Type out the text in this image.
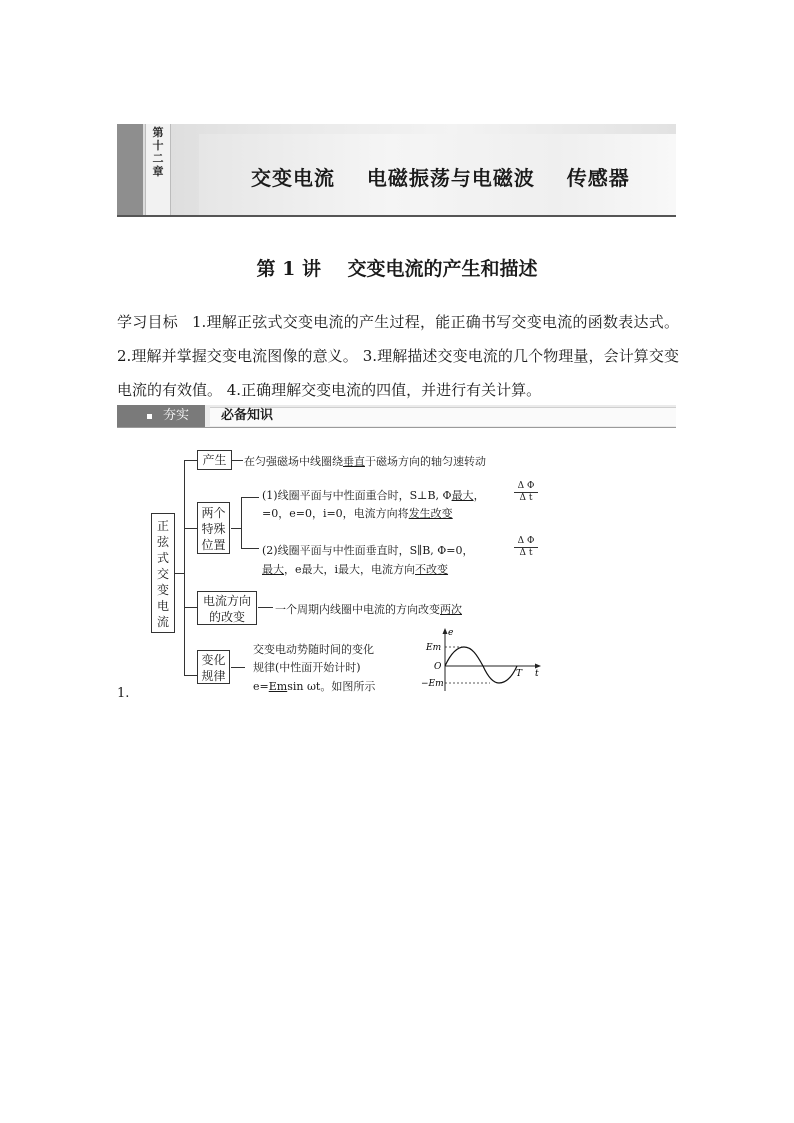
第十二章	交变电流    电磁振荡与电磁波    传感器
第 1 讲    交变电流的产生和描述
学习目标 1.理解正弦式交变电流的产生过程，能正确书写交变电流的函数表达式。 2.理解并掌握交变电流图像的意义。 3.理解描述交变电流的几个物理量，会计算交变电流的有效值。 4.正确理解交变电流的四值，并进行有关计算。
夯实 必备知识
正
弦
式
交
变
电
流
产生	在匀强磁场中线圈绕垂直于磁场方向的轴匀速转动
两个
特殊
位置
(1)线圈平面与中性面重合时，S⊥B, Φ最大，
Δ Φ
Δ t
=0，e=0，i=0，电流方向将发生改变
(2)线圈平面与中性面垂直时，S∥B, Φ=0，
Δ Φ
Δ t
最大，e最大，i最大，电流方向不改变
电流方向
的改变
一个周期内线圈中电流的方向改变两次
变化
规律
交变电动势随时间的变化
规律(中性面开始计时)
e=Emsin ωt。如图所示
e
Em
O
−Em
T t
1.
